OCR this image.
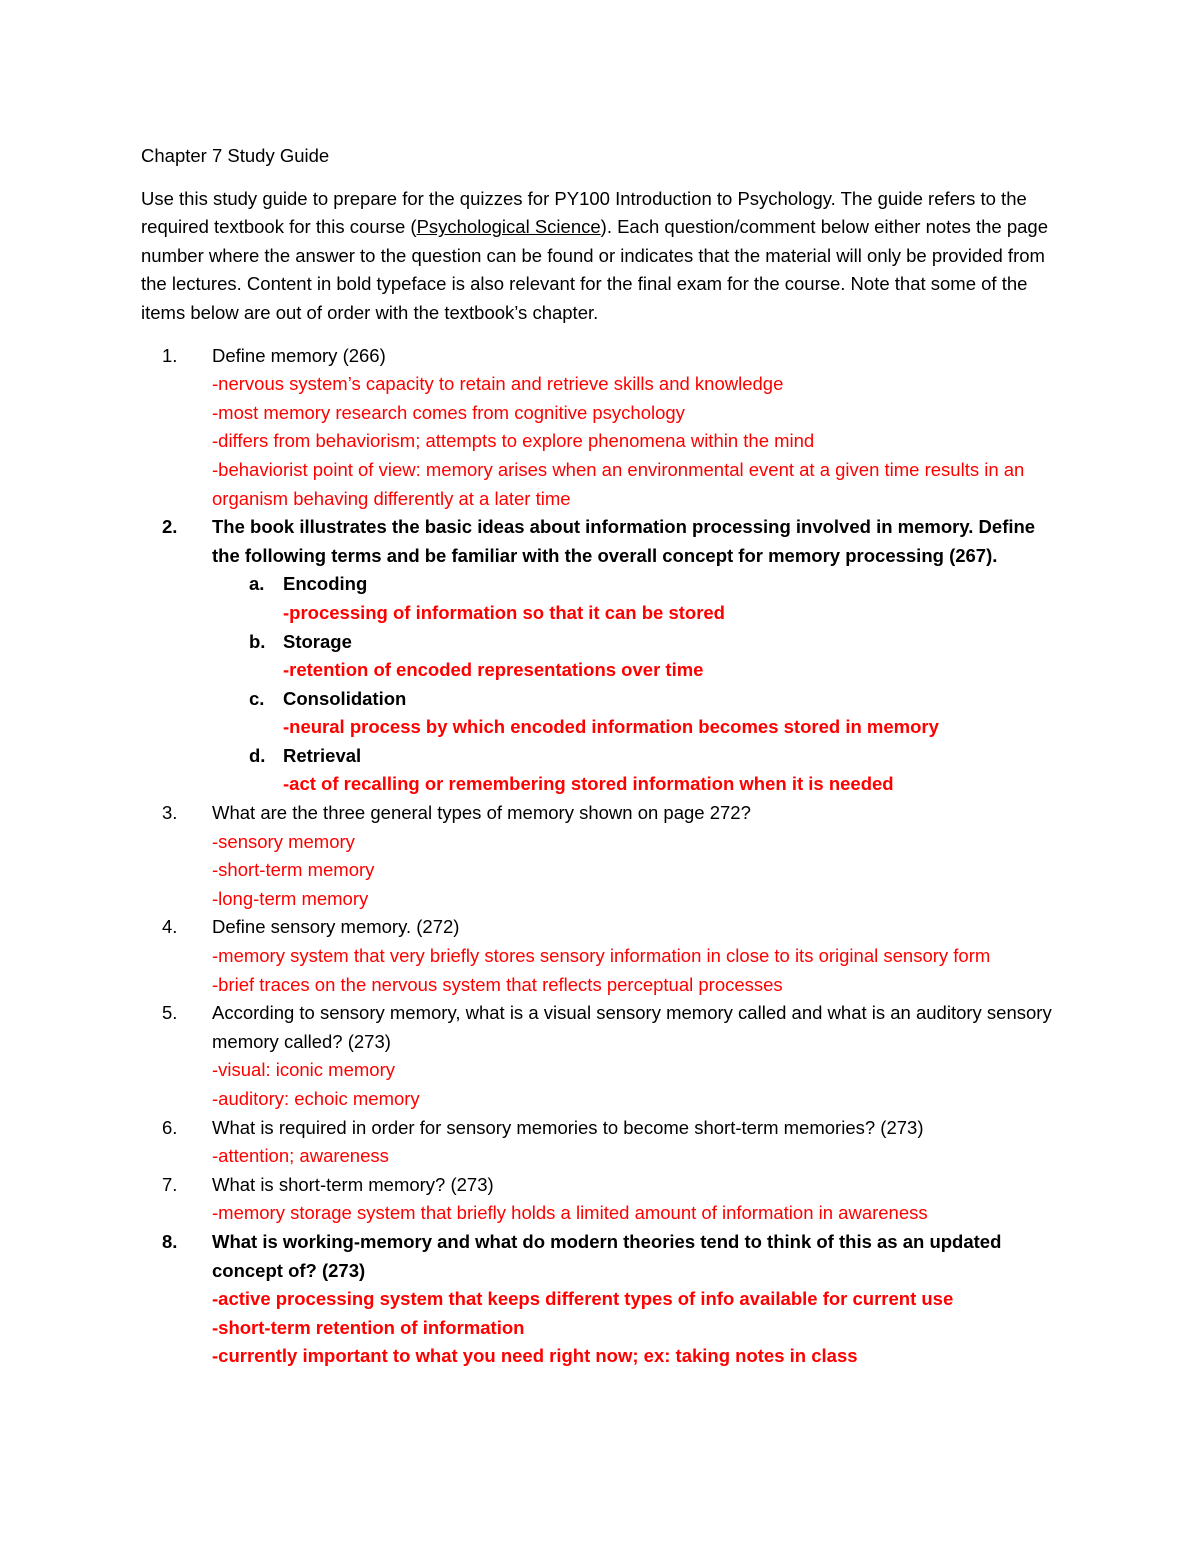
Chapter 7 Study Guide
Use this study guide to prepare for the quizzes for PY100 Introduction to Psychology. The guide refers to the required textbook for this course (Psychological Science). Each question/comment below either notes the page number where the answer to the question can be found or indicates that the material will only be provided from the lectures. Content in bold typeface is also relevant for the final exam for the course. Note that some of the items below are out of order with the textbook’s chapter.
1. Define memory (266)
-nervous system’s capacity to retain and retrieve skills and knowledge
-most memory research comes from cognitive psychology
-differs from behaviorism; attempts to explore phenomena within the mind
-behaviorist point of view: memory arises when an environmental event at a given time results in an organism behaving differently at a later time
2. The book illustrates the basic ideas about information processing involved in memory. Define the following terms and be familiar with the overall concept for memory processing (267).
a. Encoding
-processing of information so that it can be stored
b. Storage
-retention of encoded representations over time
c. Consolidation
-neural process by which encoded information becomes stored in memory
d. Retrieval
-act of recalling or remembering stored information when it is needed
3. What are the three general types of memory shown on page 272?
-sensory memory
-short-term memory
-long-term memory
4. Define sensory memory. (272)
-memory system that very briefly stores sensory information in close to its original sensory form
-brief traces on the nervous system that reflects perceptual processes
5. According to sensory memory, what is a visual sensory memory called and what is an auditory sensory memory called? (273)
-visual: iconic memory
-auditory: echoic memory
6. What is required in order for sensory memories to become short-term memories? (273)
-attention; awareness
7. What is short-term memory? (273)
-memory storage system that briefly holds a limited amount of information in awareness
8. What is working-memory and what do modern theories tend to think of this as an updated concept of? (273)
-active processing system that keeps different types of info available for current use
-short-term retention of information
-currently important to what you need right now; ex: taking notes in class
